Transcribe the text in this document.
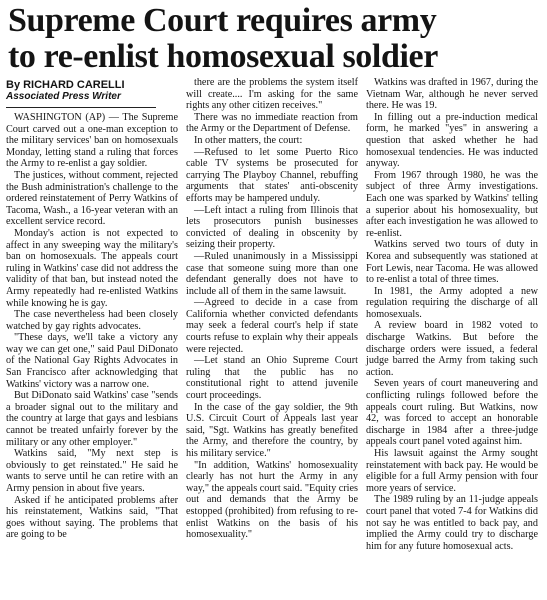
Supreme Court requires army
to re-enlist homosexual soldier
By RICHARD CARELLI
Associated Press Writer

WASHINGTON (AP) — The Supreme Court carved out a one-man exception to the military services' ban on homosexuals Monday, letting stand a ruling that forces the Army to re-enlist a gay soldier.

The justices, without comment, rejected the Bush administration's challenge to the ordered reinstatement of Perry Watkins of Tacoma, Wash., a 16-year veteran with an excellent service record.

Monday's action is not expected to affect in any sweeping way the military's ban on homosexuals. The appeals court ruling in Watkins' case did not address the validity of that ban, but instead noted the Army repeatedly had re-enlisted Watkins while knowing he is gay.

The case nevertheless had been closely watched by gay rights advocates.

"These days, we'll take a victory any way we can get one," said Paul DiDonato of the National Gay Rights Advocates in San Francisco after acknowledging that Watkins' victory was a narrow one.

But DiDonato said Watkins' case "sends a broader signal out to the military and the country at large that gays and lesbians cannot be treated unfairly forever by the military or any other employer."

Watkins said, "My next step is obviously to get reinstated." He said he wants to serve until he can retire with an Army pension in about five years.

Asked if he anticipated problems after his reinstatement, Watkins said, "That goes without saying. The problems that are going to be

there are the problems the system itself will create.... I'm asking for the same rights any other citizen receives."

There was no immediate reaction from the Army or the Department of Defense.

In other matters, the court:

—Refused to let some Puerto Rico cable TV systems be prosecuted for carrying The Playboy Channel, rebuffing arguments that states' anti-obscenity efforts may be hampered unduly.

—Left intact a ruling from Illinois that lets prosecutors punish businesses convicted of dealing in obscenity by seizing their property.

—Ruled unanimously in a Mississippi case that someone suing more than one defendant generally does not have to include all of them in the same lawsuit.

—Agreed to decide in a case from California whether convicted defendants may seek a federal court's help if state courts refuse to explain why their appeals were rejected.

—Let stand an Ohio Supreme Court ruling that the public has no constitutional right to attend juvenile court proceedings.

In the case of the gay soldier, the 9th U.S. Circuit Court of Appeals last year said, "Sgt. Watkins has greatly benefited the Army, and therefore the country, by his military service."

"In addition, Watkins' homosexuality clearly has not hurt the Army in any way," the appeals court said. "Equity cries out and demands that the Army be estopped (prohibited) from refusing to re-enlist Watkins on the basis of his homosexuality."

Watkins was drafted in 1967, during the Vietnam War, although he never served there. He was 19.

In filling out a pre-induction medical form, he marked "yes" in answering a question that asked whether he had homosexual tendencies. He was inducted anyway.

From 1967 through 1980, he was the subject of three Army investigations. Each one was sparked by Watkins' telling a superior about his homosexuality, but after each investigation he was allowed to re-enlist.

Watkins served two tours of duty in Korea and subsequently was stationed at Fort Lewis, near Tacoma. He was allowed to re-enlist a total of three times.

In 1981, the Army adopted a new regulation requiring the discharge of all homosexuals.

A review board in 1982 voted to discharge Watkins. But before the discharge orders were issued, a federal judge barred the Army from taking such action.

Seven years of court maneuvering and conflicting rulings followed before the appeals court ruling. But Watkins, now 42, was forced to accept an honorable discharge in 1984 after a three-judge appeals court panel voted against him.

His lawsuit against the Army sought reinstatement with back pay. He would be eligible for a full Army pension with four more years of service.

The 1989 ruling by an 11-judge appeals court panel that voted 7-4 for Watkins did not say he was entitled to back pay, and implied the Army could try to discharge him for any future homosexual acts.
